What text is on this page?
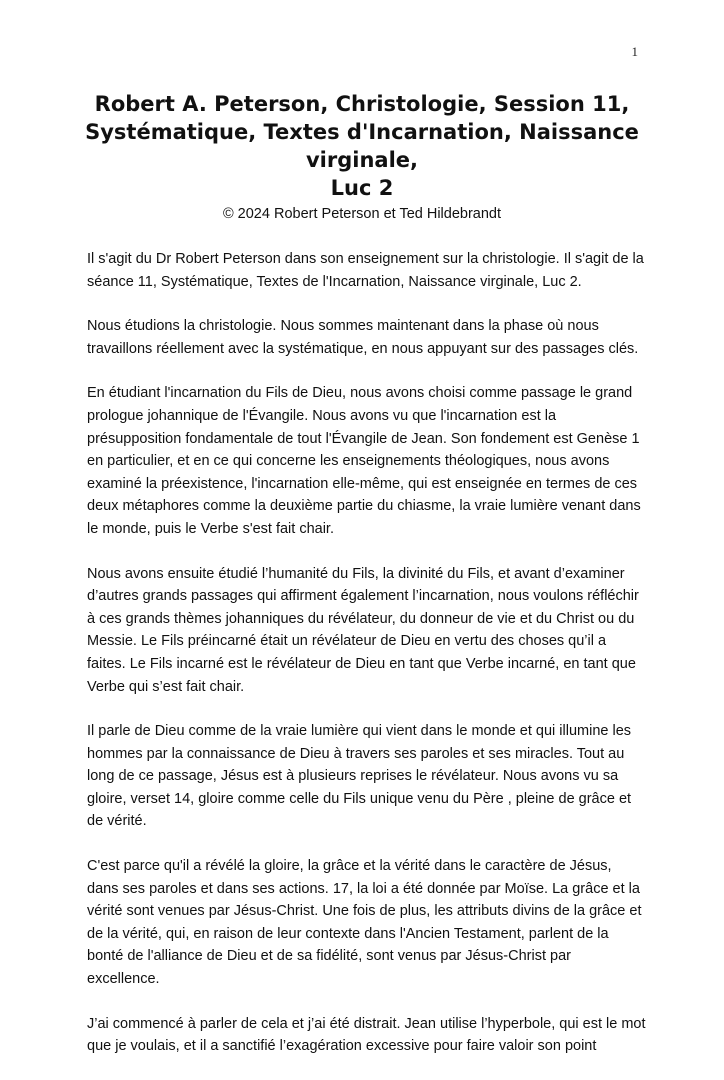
1
Robert A. Peterson, Christologie, Session 11,
Systématique, Textes d'Incarnation, Naissance
virginale,
Luc 2
© 2024 Robert Peterson et Ted Hildebrandt

Il s'agit du Dr Robert Peterson dans son enseignement sur la christologie. Il s'agit de la séance 11, Systématique, Textes de l'Incarnation, Naissance virginale, Luc 2.

Nous étudions la christologie. Nous sommes maintenant dans la phase où nous travaillons réellement avec la systématique, en nous appuyant sur des passages clés.

En étudiant l'incarnation du Fils de Dieu, nous avons choisi comme passage le grand prologue johannique de l'Évangile. Nous avons vu que l'incarnation est la présupposition fondamentale de tout l'Évangile de Jean. Son fondement est Genèse 1 en particulier, et en ce qui concerne les enseignements théologiques, nous avons examiné la préexistence, l'incarnation elle-même, qui est enseignée en termes de ces deux métaphores comme la deuxième partie du chiasme, la vraie lumière venant dans le monde, puis le Verbe s'est fait chair.

Nous avons ensuite étudié l’humanité du Fils, la divinité du Fils, et avant d’examiner d’autres grands passages qui affirment également l’incarnation, nous voulons réfléchir à ces grands thèmes johanniques du révélateur, du donneur de vie et du Christ ou du Messie. Le Fils préincarné était un révélateur de Dieu en vertu des choses qu’il a faites. Le Fils incarné est le révélateur de Dieu en tant que Verbe incarné, en tant que Verbe qui s’est fait chair.

Il parle de Dieu comme de la vraie lumière qui vient dans le monde et qui illumine les hommes par la connaissance de Dieu à travers ses paroles et ses miracles. Tout au long de ce passage, Jésus est à plusieurs reprises le révélateur. Nous avons vu sa gloire, verset 14, gloire comme celle du Fils unique venu du Père , pleine de grâce et de vérité.

C'est parce qu'il a révélé la gloire, la grâce et la vérité dans le caractère de Jésus, dans ses paroles et dans ses actions. 17, la loi a été donnée par Moïse. La grâce et la vérité sont venues par Jésus-Christ. Une fois de plus, les attributs divins de la grâce et de la vérité, qui, en raison de leur contexte dans l'Ancien Testament, parlent de la bonté de l'alliance de Dieu et de sa fidélité, sont venus par Jésus-Christ par excellence.

J’ai commencé à parler de cela et j’ai été distrait. Jean utilise l’hyperbole, qui est le mot que je voulais, et il a sanctifié l’exagération excessive pour faire valoir son point
